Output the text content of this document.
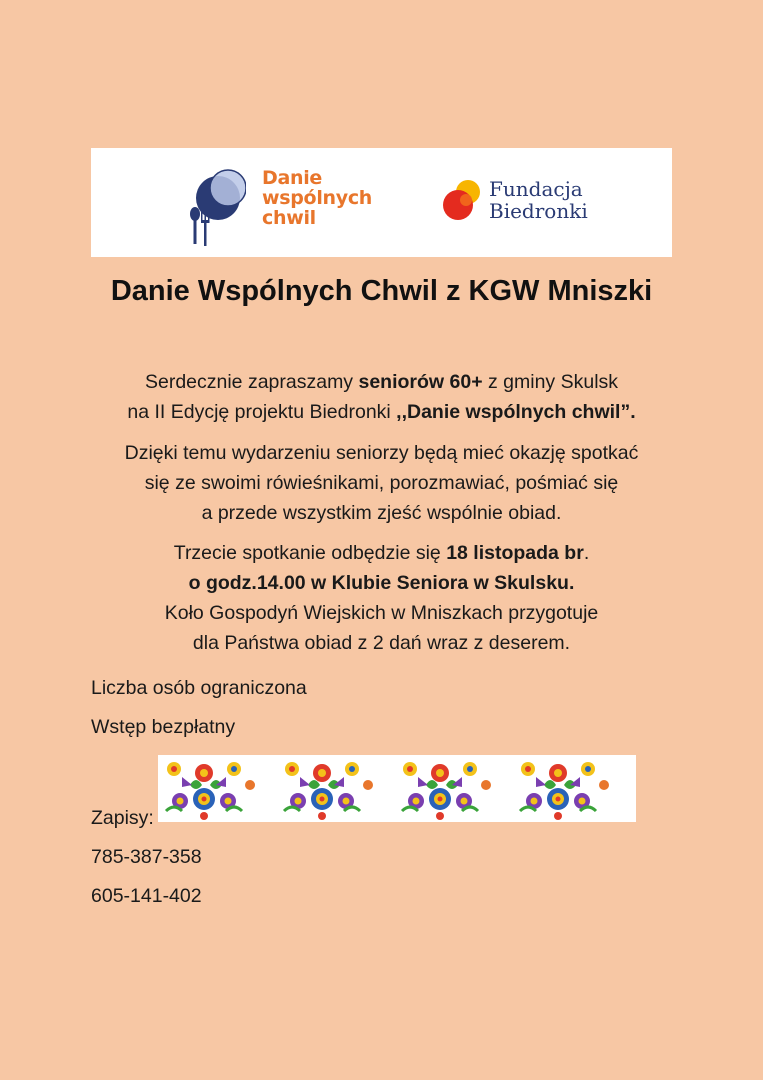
Danie
wspólnych
chwil
Fundacja
Biedronki
Danie Wspólnych Chwil z KGW Mniszki
Serdecznie zapraszamy seniorów 60+ z gminy Skulsk
na II Edycję projektu Biedronki ,,Danie wspólnych chwil”.
Dzięki temu wydarzeniu seniorzy będą mieć okazję spotkać
się ze swoimi rówieśnikami, porozmawiać, pośmiać się
a przede wszystkim zjeść wspólnie obiad.
Trzecie spotkanie odbędzie się 18 listopada br.
o godz.14.00 w Klubie Seniora w Skulsku.
Koło Gospodyń Wiejskich w Mniszkach przygotuje
dla Państwa obiad z 2 dań wraz z deserem.
Liczba osób ograniczona
Wstęp bezpłatny
Zapisy:
785-387-358
605-141-402
